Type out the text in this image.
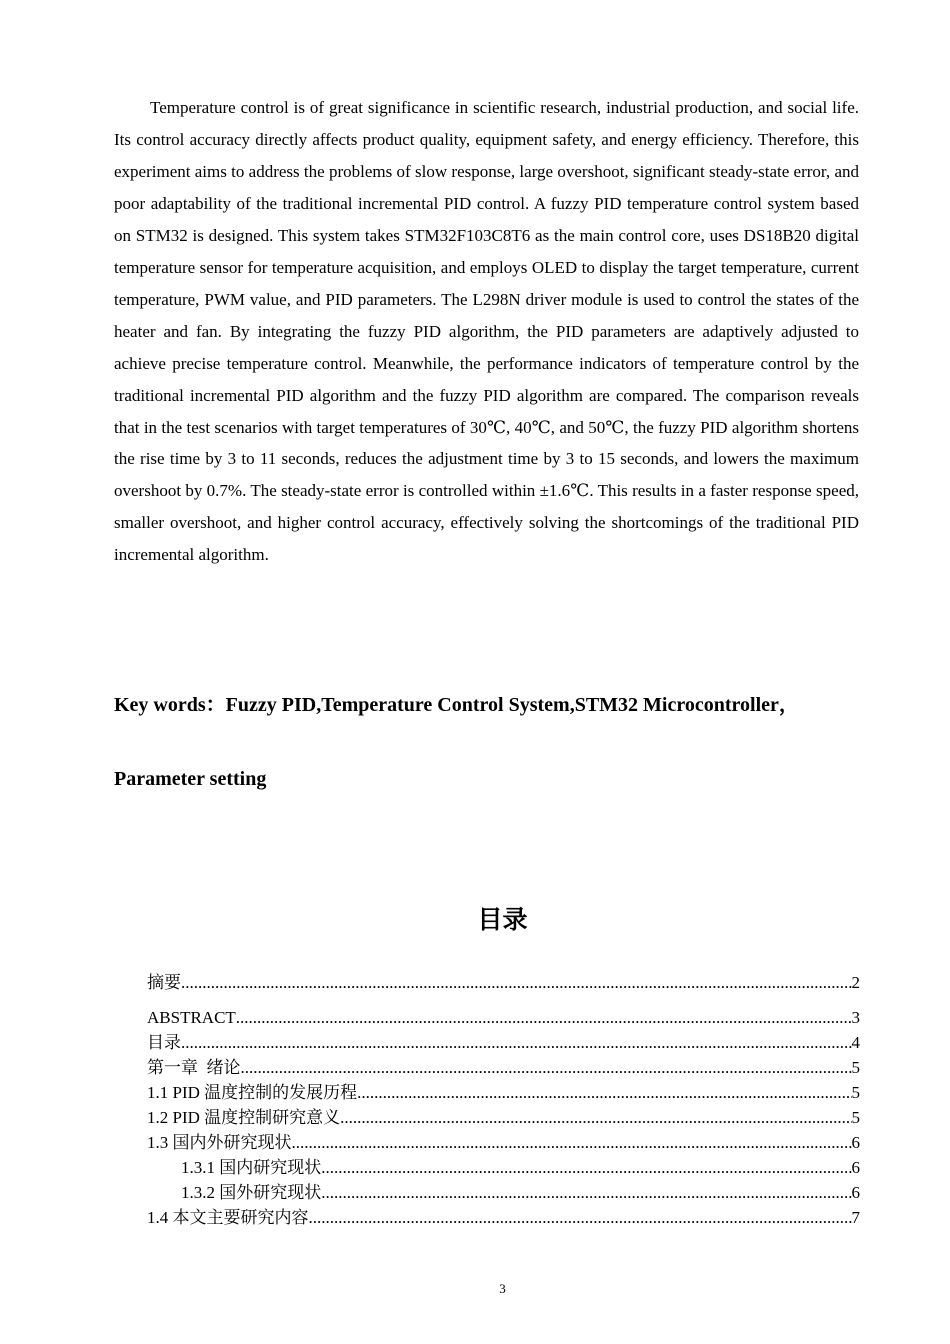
Temperature control is of great significance in scientific research, industrial production, and social life. Its control accuracy directly affects product quality, equipment safety, and energy efficiency. Therefore, this experiment aims to address the problems of slow response, large overshoot, significant steady-state error, and poor adaptability of the traditional incremental PID control. A fuzzy PID temperature control system based on STM32 is designed. This system takes STM32F103C8T6 as the main control core, uses DS18B20 digital temperature sensor for temperature acquisition, and employs OLED to display the target temperature, current temperature, PWM value, and PID parameters. The L298N driver module is used to control the states of the heater and fan. By integrating the fuzzy PID algorithm, the PID parameters are adaptively adjusted to achieve precise temperature control. Meanwhile, the performance indicators of temperature control by the traditional incremental PID algorithm and the fuzzy PID algorithm are compared. The comparison reveals that in the test scenarios with target temperatures of 30℃, 40℃, and 50℃, the fuzzy PID algorithm shortens the rise time by 3 to 11 seconds, reduces the adjustment time by 3 to 15 seconds, and lowers the maximum overshoot by 0.7%. The steady-state error is controlled within ±1.6℃. This results in a faster response speed, smaller overshoot, and higher control accuracy, effectively solving the shortcomings of the traditional PID incremental algorithm.

Key words：Fuzzy PID,Temperature Control System,STM32 Microcontroller，Parameter setting

目录
摘要 .....	2
ABSTRACT .....	3
目录 .....	4
第一章  绪论 .....	5
1.1 PID 温度控制的发展历程 .....	5
1.2 PID 温度控制研究意义 .....	5
1.3 国内外研究现状 .....	6
1.3.1 国内研究现状 .....	6
1.3.2 国外研究现状 .....	6
1.4 本文主要研究内容 .....	7
3
